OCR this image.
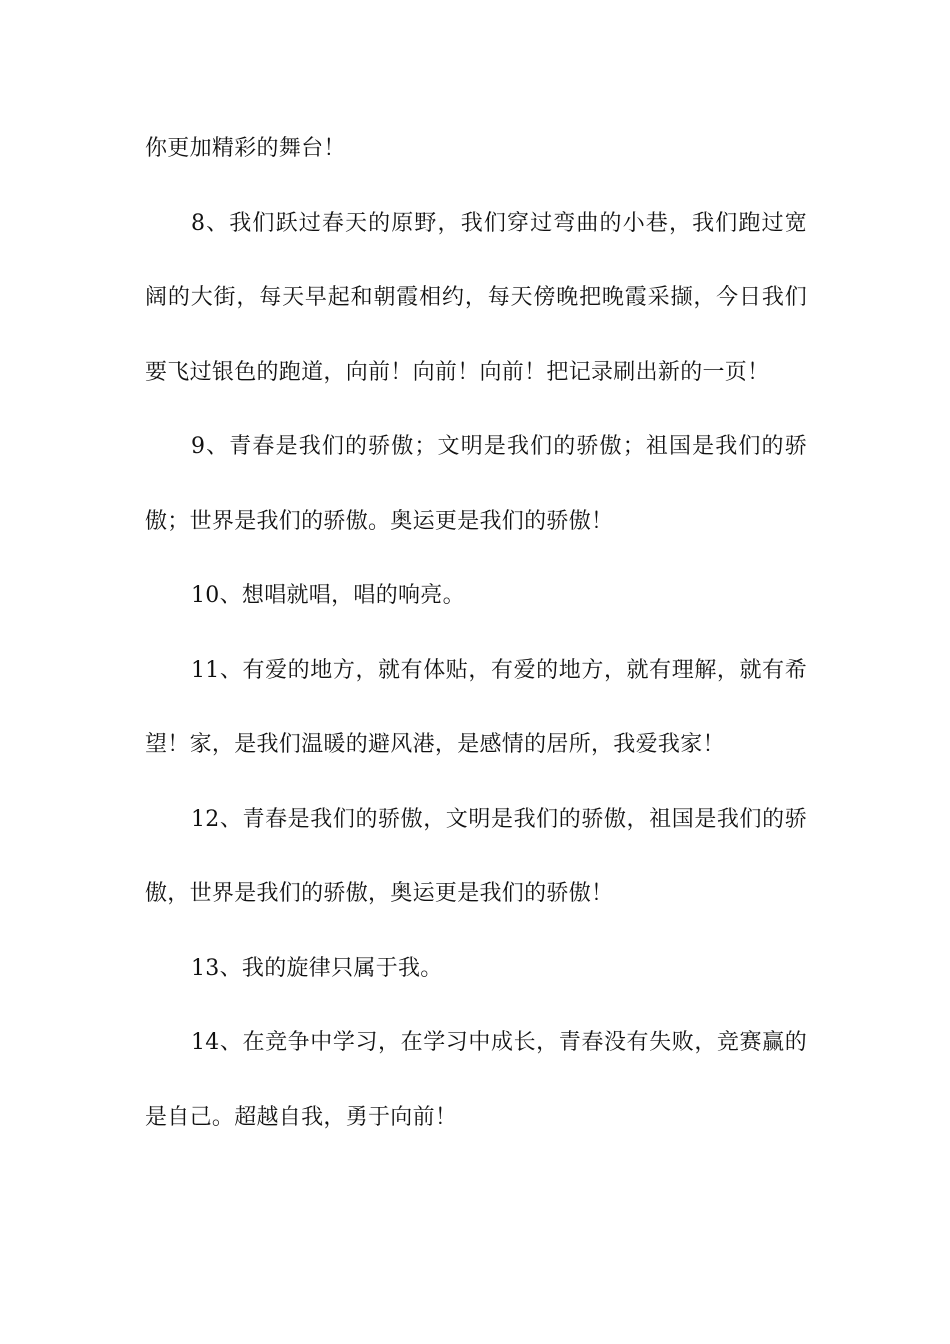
你更加精彩的舞台！

8、我们跃过春天的原野，我们穿过弯曲的小巷，我们跑过宽阔的大街，每天早起和朝霞相约，每天傍晚把晚霞采撷，今日我们要飞过银色的跑道，向前！向前！向前！把记录刷出新的一页！

9、青春是我们的骄傲；文明是我们的骄傲；祖国是我们的骄傲；世界是我们的骄傲。奥运更是我们的骄傲！

10、想唱就唱，唱的响亮。

11、有爱的地方，就有体贴，有爱的地方，就有理解，就有希望！家，是我们温暖的避风港，是感情的居所，我爱我家！

12、青春是我们的骄傲，文明是我们的骄傲，祖国是我们的骄傲，世界是我们的骄傲，奥运更是我们的骄傲！

13、我的旋律只属于我。

14、在竞争中学习，在学习中成长，青春没有失败，竞赛赢的是自己。超越自我，勇于向前！
